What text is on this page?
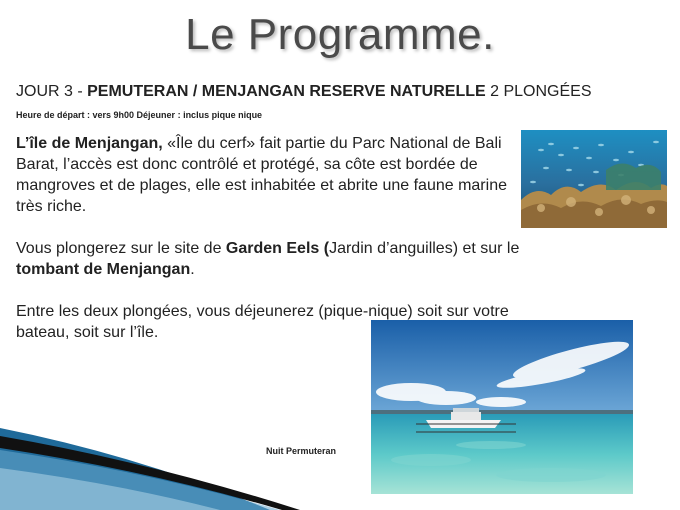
Le Programme.
JOUR 3 - PEMUTERAN / MENJANGAN RESERVE NATURELLE 2 PLONGÉES
Heure de départ : vers 9h00 Déjeuner : inclus pique nique

L’île de Menjangan, «Île du cerf» fait partie du Parc National de Bali Barat, l’accès est donc contrôlé et protégé, sa côte est bordée de mangroves et de plages, elle est inhabitée et abrite une faune marine très riche.

Vous plongerez sur le site de Garden Eels (Jardin d’anguilles) et sur le tombant de Menjangan.

Entre les deux plongées, vous déjeunerez (pique-nique) soit sur votre bateau, soit sur l’île.

Nuit Permuteran
